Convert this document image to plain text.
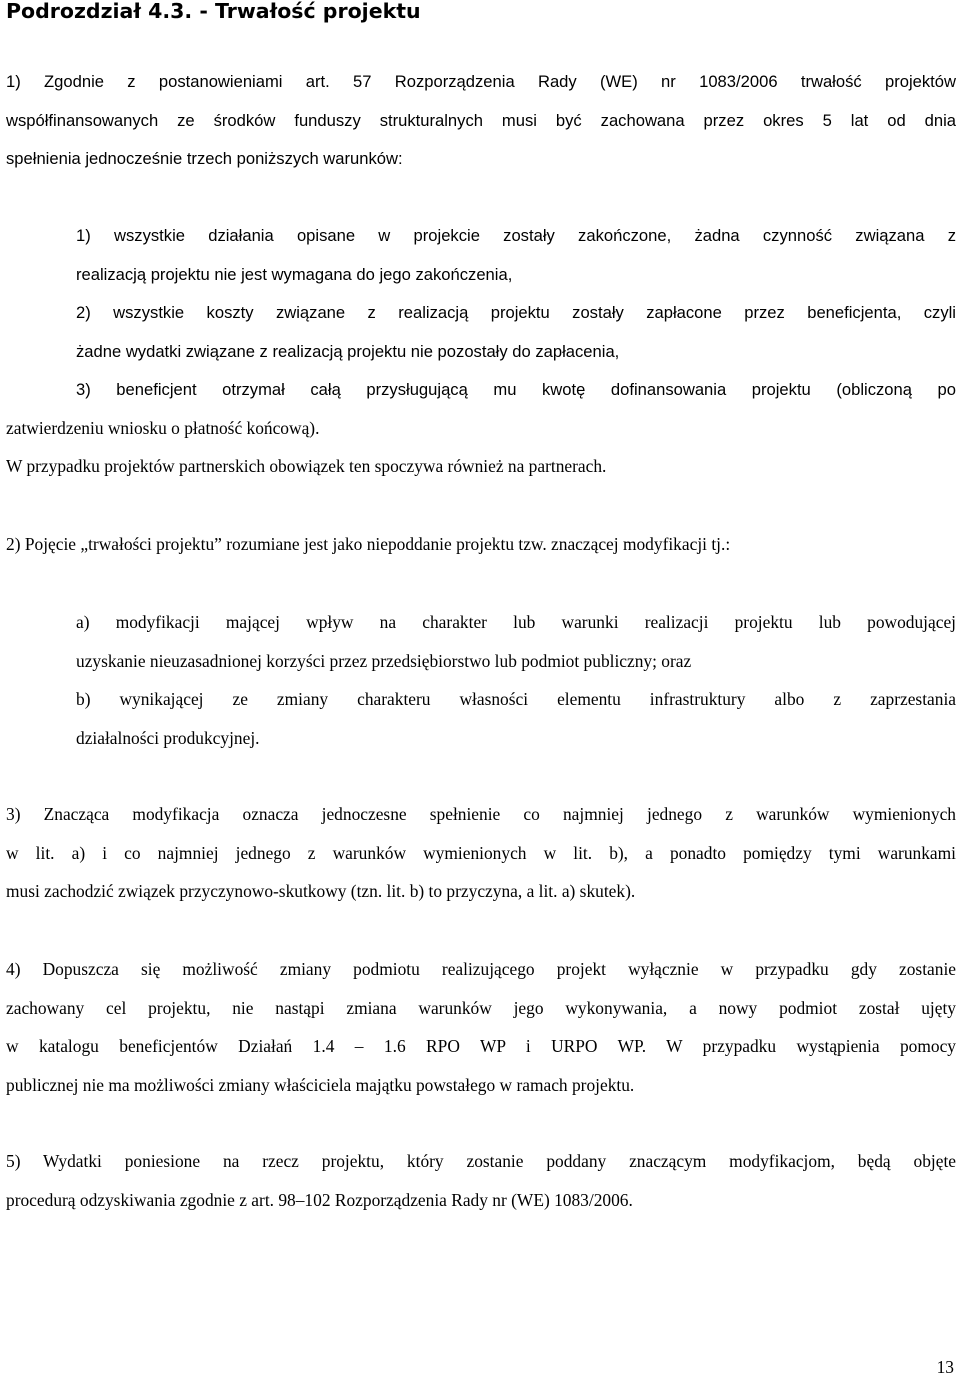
Podrozdział 4.3. - Trwałość projektu
1) Zgodnie z postanowieniami art. 57 Rozporządzenia Rady (WE) nr 1083/2006 trwałość projektów
współfinansowanych ze środków funduszy strukturalnych musi być zachowana przez okres 5 lat od dnia
spełnienia jednocześnie trzech poniższych warunków:
1) wszystkie działania opisane w projekcie zostały zakończone, żadna czynność związana z
realizacją projektu nie jest wymagana do jego zakończenia,
2) wszystkie koszty związane z realizacją projektu zostały zapłacone przez beneficjenta, czyli
żadne wydatki związane z realizacją projektu nie pozostały do zapłacenia,
3) beneficjent otrzymał całą przysługującą mu kwotę dofinansowania projektu (obliczoną po
zatwierdzeniu wniosku o płatność końcową).
W przypadku projektów partnerskich obowiązek ten spoczywa również na partnerach.
2) Pojęcie „trwałości projektu” rozumiane jest jako niepoddanie projektu tzw. znaczącej modyfikacji tj.:
a) modyfikacji mającej wpływ na charakter lub warunki realizacji projektu lub powodującej
uzyskanie nieuzasadnionej korzyści przez przedsiębiorstwo lub podmiot publiczny; oraz
b) wynikającej ze zmiany charakteru własności elementu infrastruktury albo z zaprzestania
działalności produkcyjnej.
3) Znacząca modyfikacja oznacza jednoczesne spełnienie co najmniej jednego z warunków wymienionych
w lit. a) i co najmniej jednego z warunków wymienionych w lit. b), a ponadto pomiędzy tymi warunkami
musi zachodzić związek przyczynowo-skutkowy (tzn. lit. b) to przyczyna, a lit. a) skutek).
4) Dopuszcza się możliwość zmiany podmiotu realizującego projekt wyłącznie w przypadku gdy zostanie
zachowany cel projektu, nie nastąpi zmiana warunków jego wykonywania, a nowy podmiot został ujęty
w katalogu beneficjentów Działań 1.4 – 1.6 RPO WP i URPO WP. W przypadku wystąpienia pomocy
publicznej nie ma możliwości zmiany właściciela majątku powstałego w ramach projektu.
5) Wydatki poniesione na rzecz projektu, który zostanie poddany znaczącym modyfikacjom, będą objęte
procedurą odzyskiwania zgodnie z art. 98–102 Rozporządzenia Rady nr (WE) 1083/2006.
13
